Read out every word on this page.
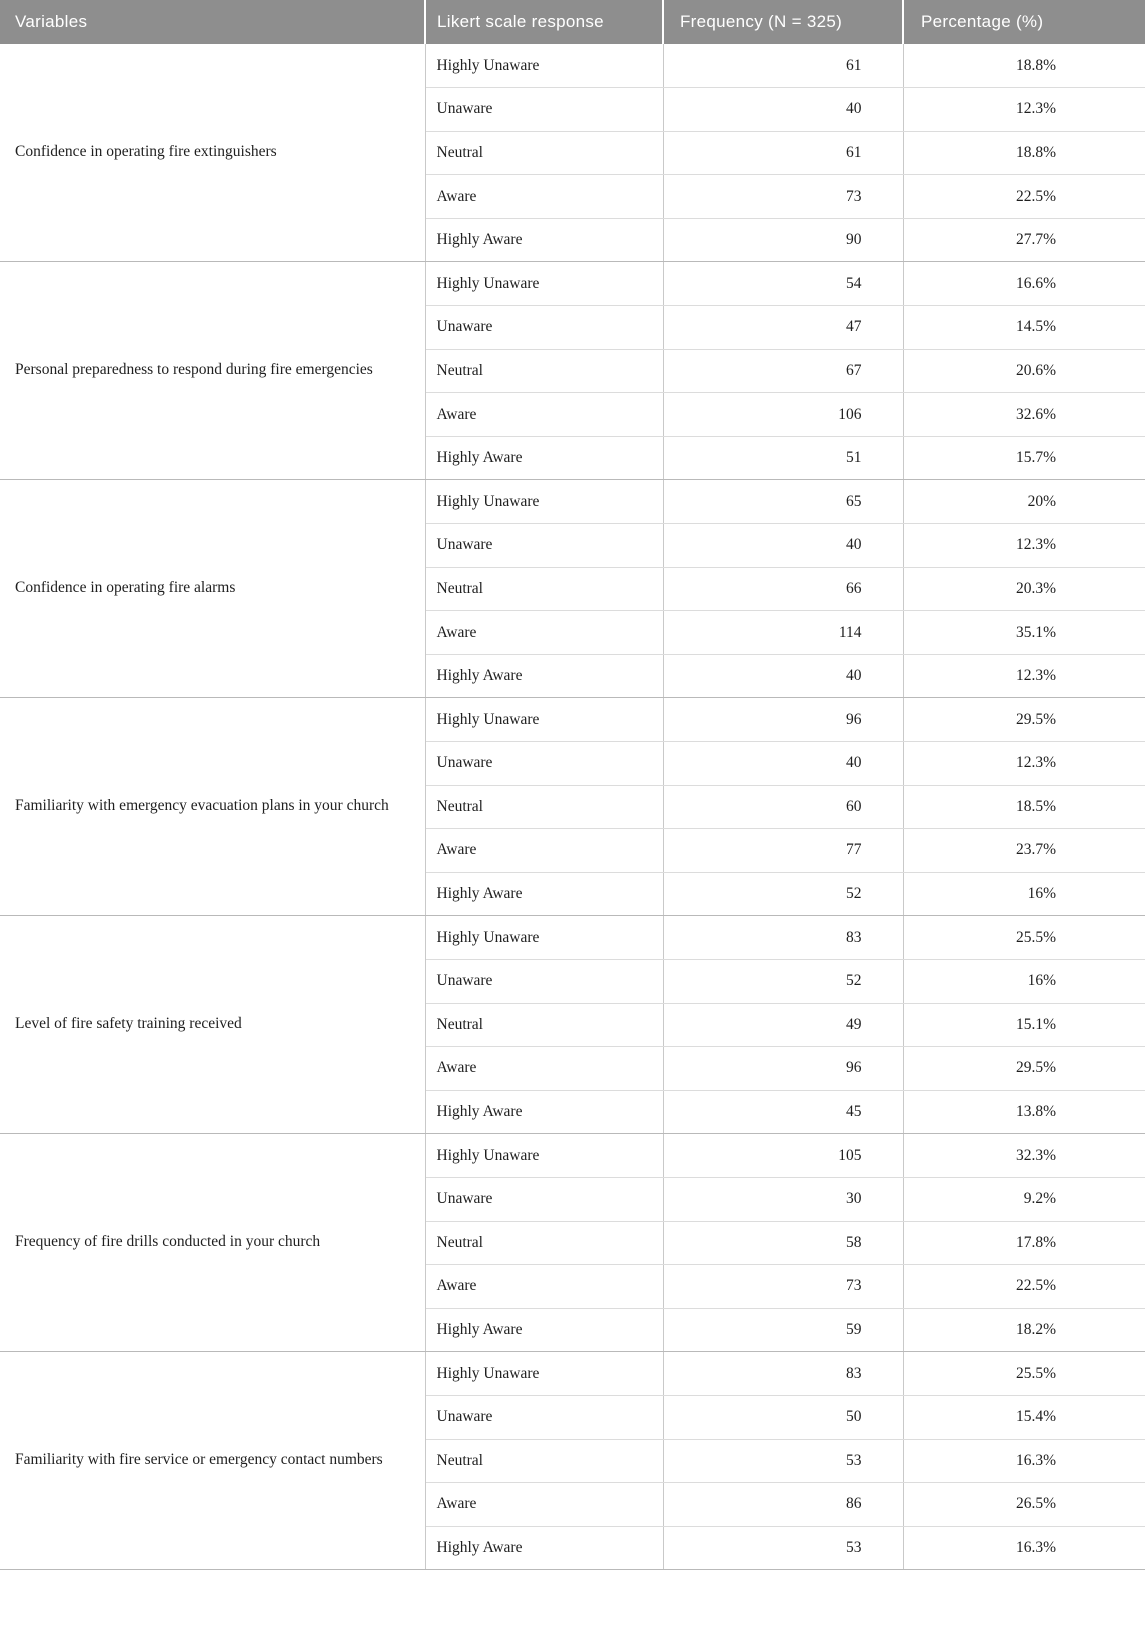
Variables	Likert scale response	Frequency (N = 325)	Percentage (%)
Confidence in operating fire extinguishers	Highly Unaware	61	18.8%
	Unaware	40	12.3%
	Neutral	61	18.8%
	Aware	73	22.5%
	Highly Aware	90	27.7%
Personal preparedness to respond during fire emergencies	Highly Unaware	54	16.6%
	Unaware	47	14.5%
	Neutral	67	20.6%
	Aware	106	32.6%
	Highly Aware	51	15.7%
Confidence in operating fire alarms	Highly Unaware	65	20%
	Unaware	40	12.3%
	Neutral	66	20.3%
	Aware	114	35.1%
	Highly Aware	40	12.3%
Familiarity with emergency evacuation plans in your church	Highly Unaware	96	29.5%
	Unaware	40	12.3%
	Neutral	60	18.5%
	Aware	77	23.7%
	Highly Aware	52	16%
Level of fire safety training received	Highly Unaware	83	25.5%
	Unaware	52	16%
	Neutral	49	15.1%
	Aware	96	29.5%
	Highly Aware	45	13.8%
Frequency of fire drills conducted in your church	Highly Unaware	105	32.3%
	Unaware	30	9.2%
	Neutral	58	17.8%
	Aware	73	22.5%
	Highly Aware	59	18.2%
Familiarity with fire service or emergency contact numbers	Highly Unaware	83	25.5%
	Unaware	50	15.4%
	Neutral	53	16.3%
	Aware	86	26.5%
	Highly Aware	53	16.3%
